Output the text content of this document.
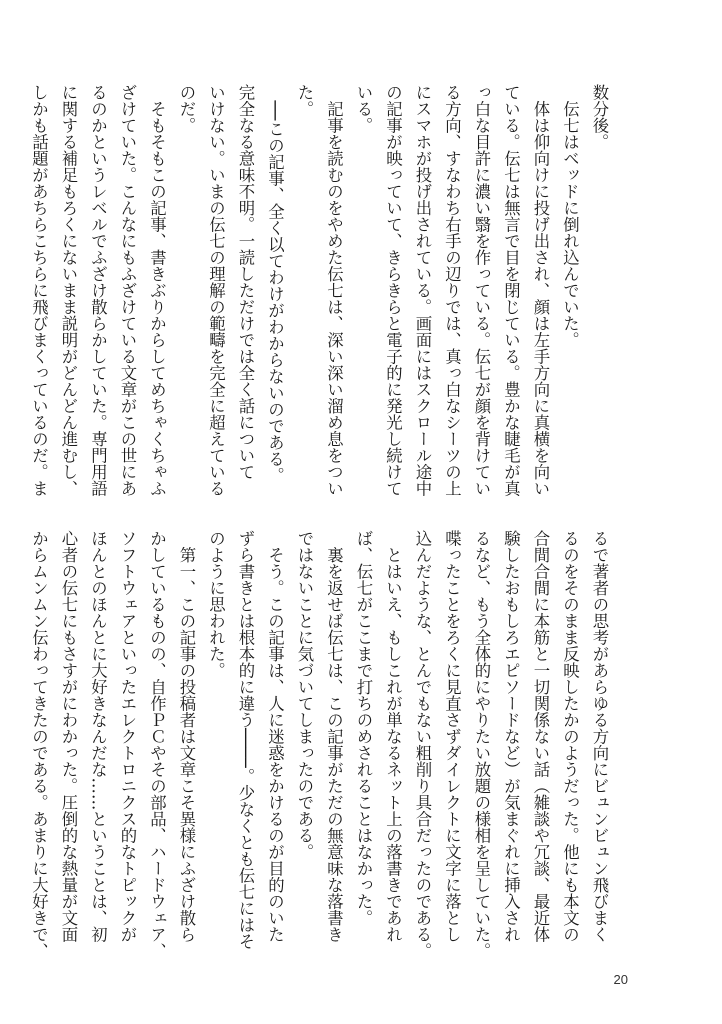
数分後。

　伝七はベッドに倒れ込んでいた。

　体は仰向けに投げ出され、顔は左手方向に真横を向い

ている。伝七は無言で目を閉じている。豊かな睫毛が真

っ白な目許に濃い翳を作っている。伝七が顔を背けてい

る方向、すなわち右手の辺りでは、真っ白なシーツの上

にスマホが投げ出されている。画面にはスクロール途中

の記事が映っていて、きらきらと電子的に発光し続けて

いる。

　記事を読むのをやめた伝七は、深い深い溜め息をつい

た。

　──この記事、全く以てわけがわからないのである。

完全なる意味不明。一読しただけでは全く話について

いけない。いまの伝七の理解の範疇を完全に超えている

のだ。

　そもそもこの記事、書きぶりからしてめちゃくちゃふ

ざけていた。こんなにもふざけている文章がこの世にあ

るのかというレベルでふざけ散らかしていた。専門用語

に関する補足もろくにないまま説明がどんどん進むし、

しかも話題があちらこちらに飛びまくっているのだ。ま

るで著者の思考があらゆる方向にビュンビュン飛びまく

るのをそのまま反映したかのようだった。他にも本文の

合間合間に本筋と一切関係ない話（雑談や冗談、最近体

験したおもしろエピソードなど）が気まぐれに挿入され

るなど、もう全体的にやりたい放題の様相を呈していた。

喋ったことをろくに見直さずダイレクトに文字に落とし

込んだような、とんでもない粗削り具合だったのである。

　とはいえ、もしこれが単なるネット上の落書きであれ

ば、伝七がここまで打ちのめされることはなかった。

　裏を返せば伝七は、この記事がただの無意味な落書き

ではないことに気づいてしまったのである。

　そう。この記事は、人に迷惑をかけるのが目的のいた

ずら書きとは根本的に違う────。少なくとも伝七にはそ

のように思われた。

　第一、この記事の投稿者は文章こそ異様にふざけ散ら

かしているものの、自作ＰＣやその部品、ハードウェア、

ソフトウェアといったエレクトロニクス的なトピックが

ほんとのほんとに大好きなんだな……ということは、初

心者の伝七にもさすがにわかった。圧倒的な熱量が文面

からムンムン伝わってきたのである。あまりに大好きで、

20
